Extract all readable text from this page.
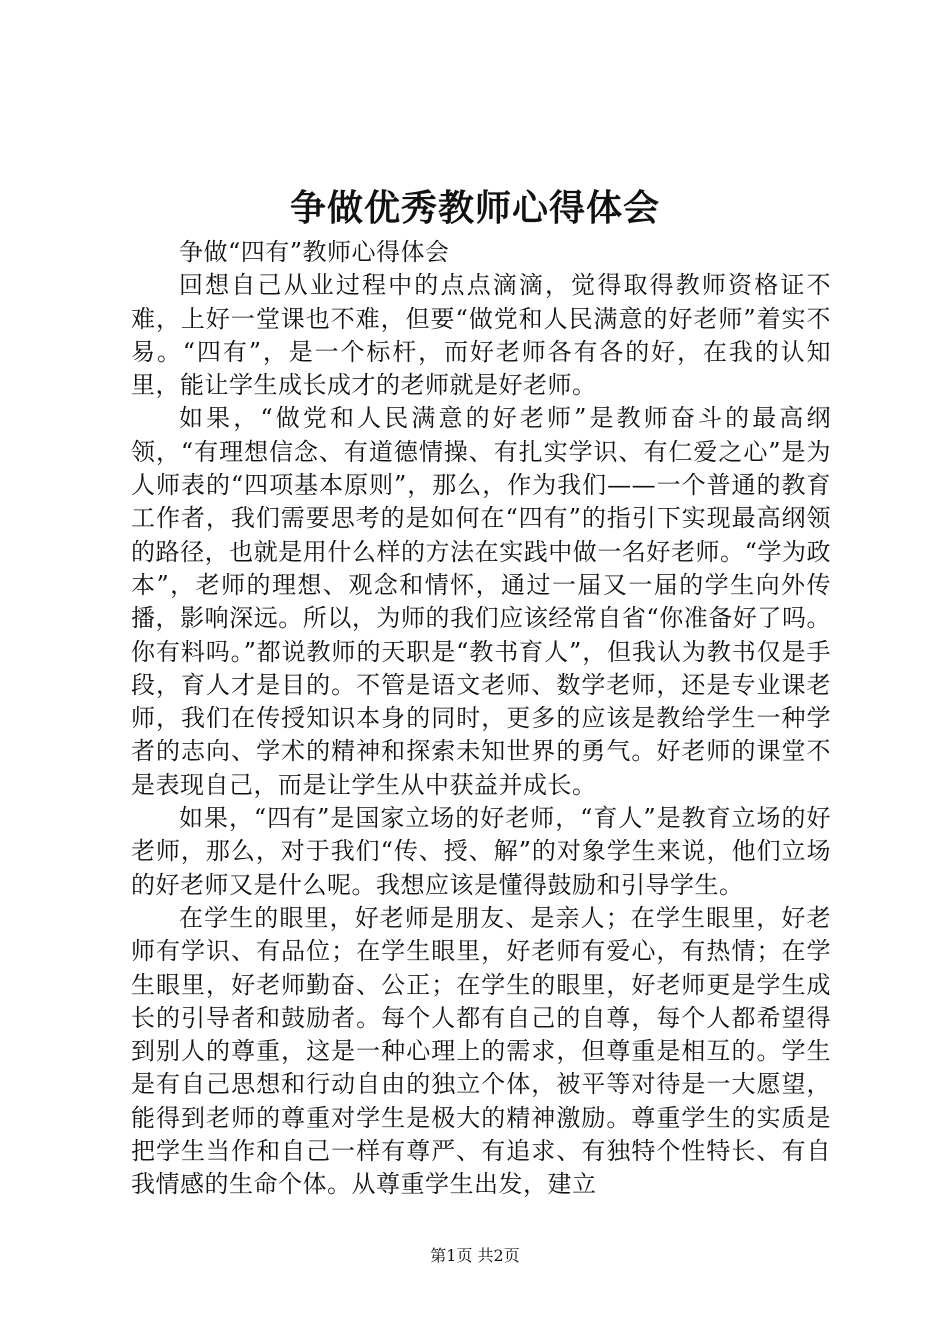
争做优秀教师心得体会

争做“四有”教师心得体会

回想自己从业过程中的点点滴滴，觉得取得教师资格证不难，上好一堂课也不难，但要“做党和人民满意的好老师”着实不易。“四有”，是一个标杆，而好老师各有各的好，在我的认知里，能让学生成长成才的老师就是好老师。

如果，“做党和人民满意的好老师”是教师奋斗的最高纲领，“有理想信念、有道德情操、有扎实学识、有仁爱之心”是为人师表的“四项基本原则”，那么，作为我们——一个普通的教育工作者，我们需要思考的是如何在“四有”的指引下实现最高纲领的路径，也就是用什么样的方法在实践中做一名好老师。“学为政本”，老师的理想、观念和情怀，通过一届又一届的学生向外传播，影响深远。所以，为师的我们应该经常自省“你准备好了吗。你有料吗。”都说教师的天职是“教书育人”，但我认为教书仅是手段，育人才是目的。不管是语文老师、数学老师，还是专业课老师，我们在传授知识本身的同时，更多的应该是教给学生一种学者的志向、学术的精神和探索未知世界的勇气。好老师的课堂不是表现自己，而是让学生从中获益并成长。

如果，“四有”是国家立场的好老师，“育人”是教育立场的好老师，那么，对于我们“传、授、解”的对象学生来说，他们立场的好老师又是什么呢。我想应该是懂得鼓励和引导学生。

在学生的眼里，好老师是朋友、是亲人；在学生眼里，好老师有学识、有品位；在学生眼里，好老师有爱心，有热情；在学生眼里，好老师勤奋、公正；在学生的眼里，好老师更是学生成长的引导者和鼓励者。每个人都有自己的自尊，每个人都希望得到别人的尊重，这是一种心理上的需求，但尊重是相互的。学生是有自己思想和行动自由的独立个体，被平等对待是一大愿望，能得到老师的尊重对学生是极大的精神激励。尊重学生的实质是把学生当作和自己一样有尊严、有追求、有独特个性特长、有自我情感的生命个体。从尊重学生出发，建立

第1页 共2页
